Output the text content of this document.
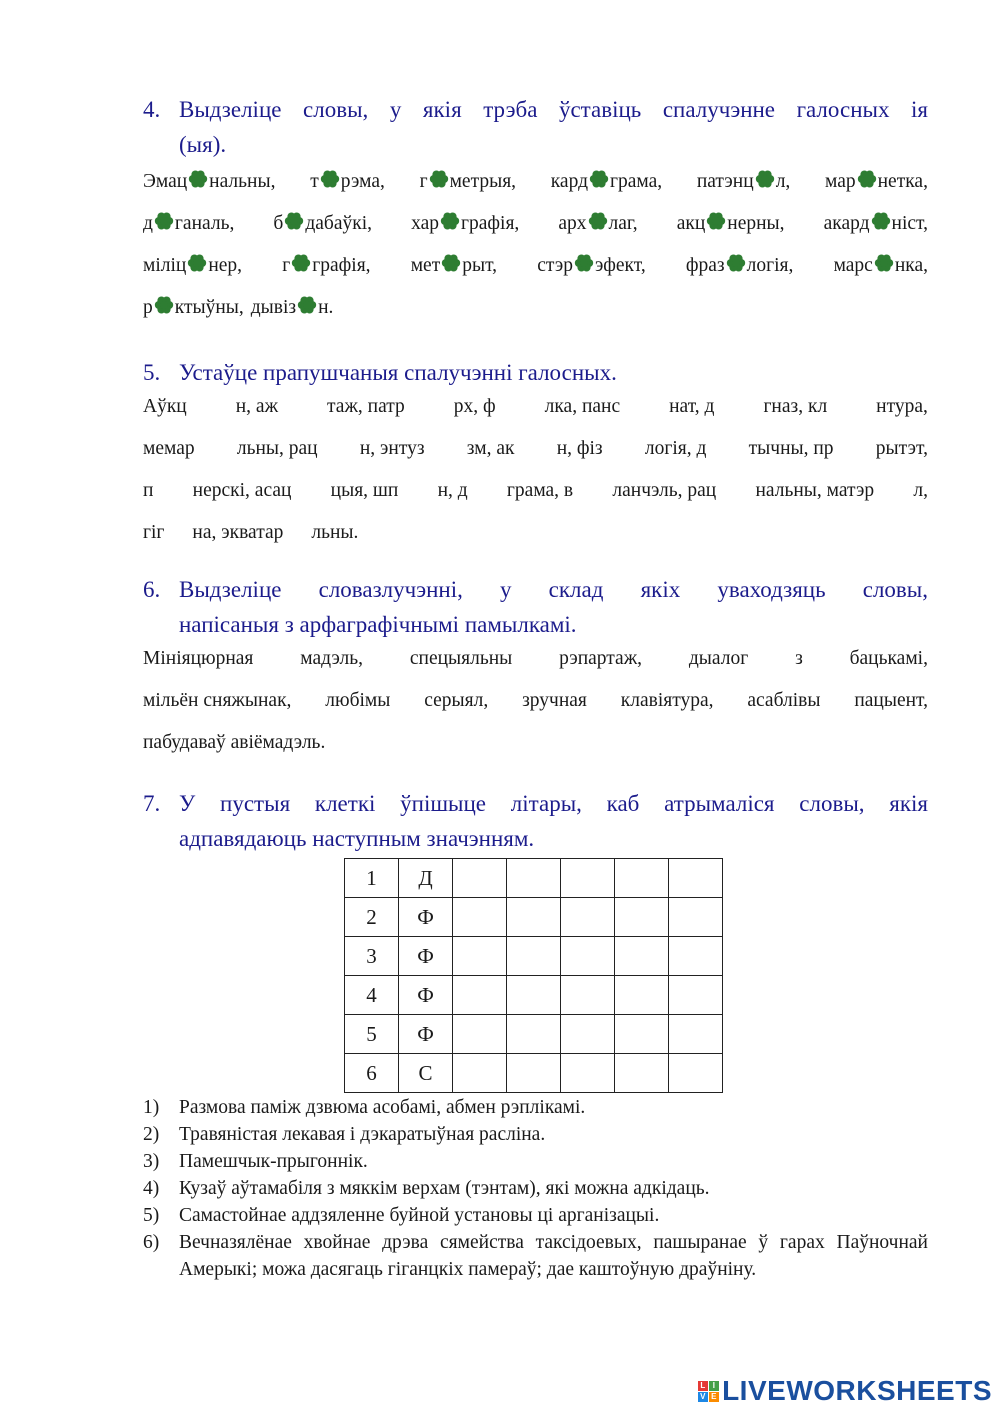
4. Выдзеліце словы, у якія трэба ўставіць спалучэнне галосных ія
(ыя).
Эмац нальны, т рэма, г метрыя, кард грама, патэнц л, мар нетка,
д ганаль, б дабаўкі, хар графія, арх лаг, акц нерны, акард ніст,
міліц нер, г графія, мет рыт, стэр эфект, фраз логія, марс нка,
р ктыўны, дывіз н.
5. Устаўце прапушчаныя спалучэнні галосных.
Аўкц	н, аж	таж, патр	рх, ф	лка, панс	нат, д	гназ, кл	нтура,
мемар льны, рац н, энтуз зм, ак н, фіз логія, д тычны, пр рытэт,
п нерскі, асац цыя, шп н, д грама, в ланчэль, рац нальны, матэр л,
гіг на, экватар льны.
6. Выдзеліце словазлучэнні, у склад якіх уваходзяць словы,
напісаныя з арфаграфічнымі памылкамі.
Мініяцюрная мадэль, спецыяльны рэпартаж, дыалог з бацькамі,
мільён сняжынак, любімы серыял, зручная клавіятура, асаблівы пацыент,
пабудаваў авіёмадэль.
7. У пустыя клеткі ўпішыце літары, каб атрымаліся словы, якія
адпавядаюць наступным значэнням.
1	Д					
2	Ф					
3	Ф					
4	Ф					
5	Ф					
6	С					
1)	Размова паміж дзвюма асобамі, абмен рэплікамі.
2)	Травяністая лекавая і дэкаратыўная расліна.
3)	Памешчык-прыгоннік.
4)	Кузаў аўтамабіля з мяккім верхам (тэнтам), які можна адкідаць.
5)	Самастойнае аддзяленне буйной установы ці арганізацыі.
6)	Вечназялёнае хвойнае дрэва сямейства таксідоевых, пашыранае ў гарах Паўночнай Амерыкі; можа дасягаць гіганцкіх памераў; дае каштоўную драўніну.
L I
V E LIVEWORKSHEETS
